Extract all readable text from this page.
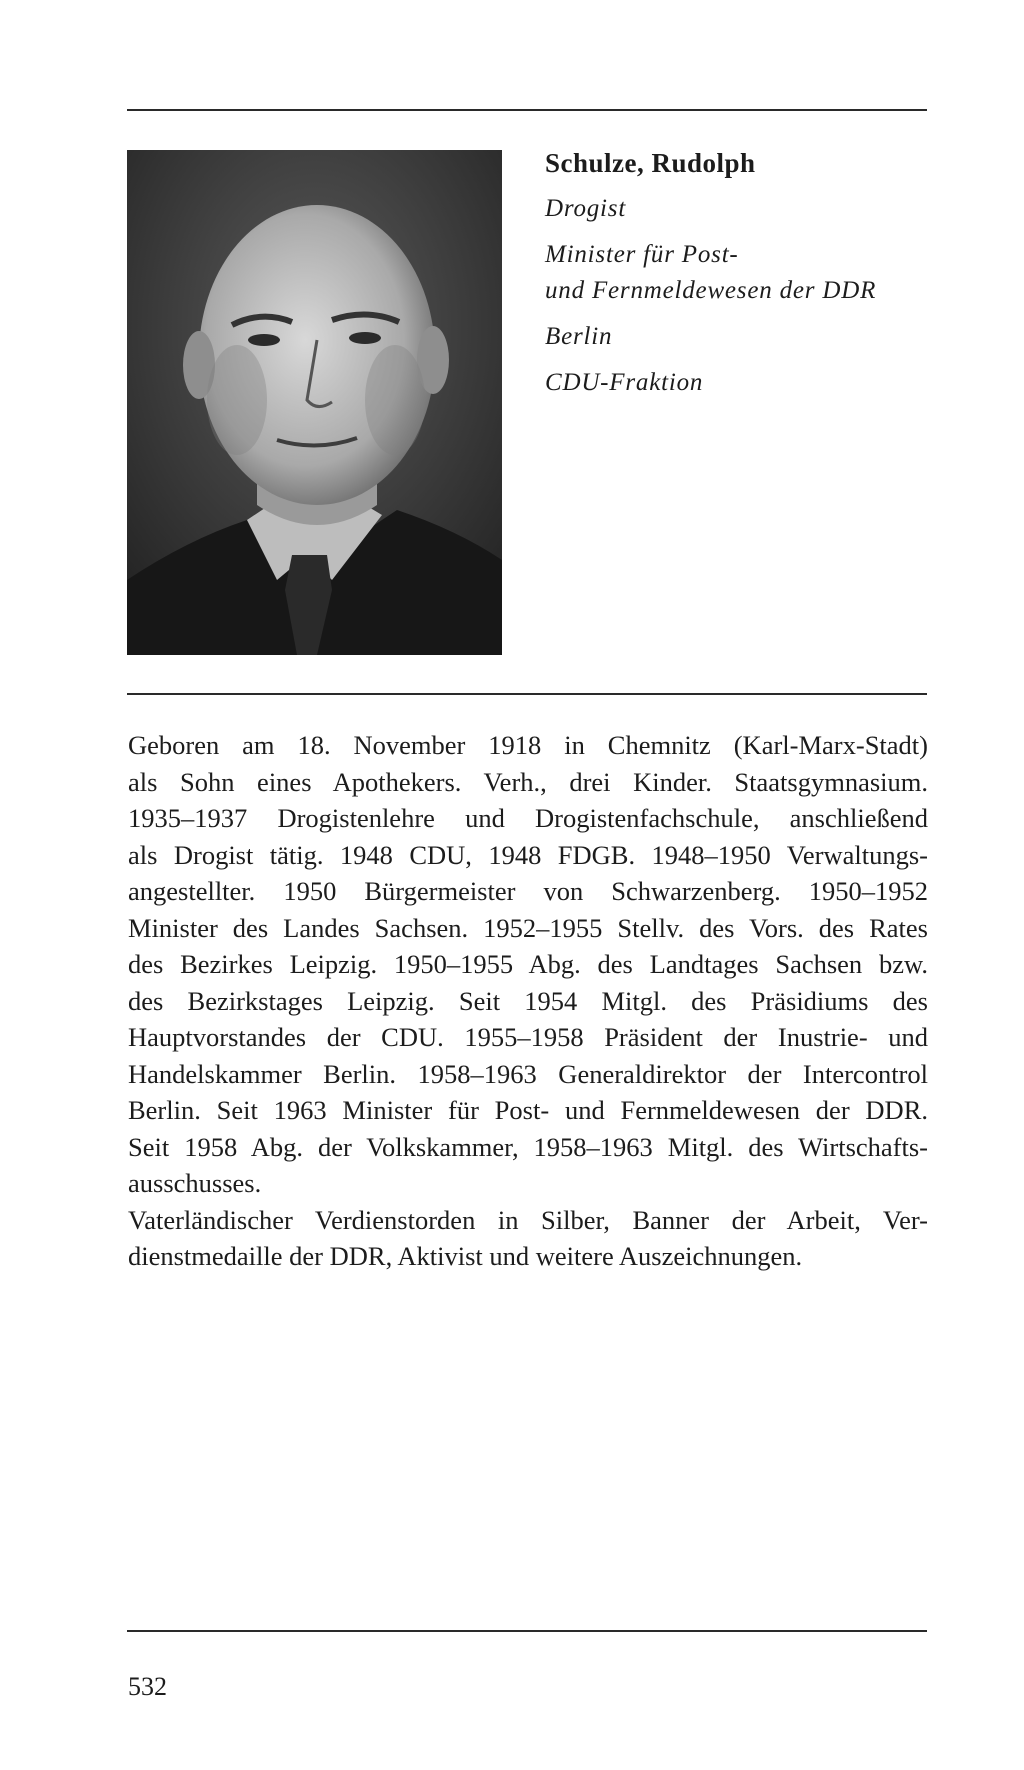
Schulze, Rudolph
Drogist
Minister für Post-
und Fernmeldewesen der DDR
Berlin
CDU-Fraktion
Geboren am 18. November 1918 in Chemnitz (Karl-Marx-Stadt)
als Sohn eines Apothekers. Verh., drei Kinder. Staatsgymnasium.
1935–1937 Drogistenlehre und Drogistenfachschule, anschließend
als Drogist tätig. 1948 CDU, 1948 FDGB. 1948–1950 Verwaltungs-
angestellter. 1950 Bürgermeister von Schwarzenberg. 1950–1952
Minister des Landes Sachsen. 1952–1955 Stellv. des Vors. des Rates
des Bezirkes Leipzig. 1950–1955 Abg. des Landtages Sachsen bzw.
des Bezirkstages Leipzig. Seit 1954 Mitgl. des Präsidiums des
Hauptvorstandes der CDU. 1955–1958 Präsident der Inustrie- und
Handelskammer Berlin. 1958–1963 Generaldirektor der Intercontrol
Berlin. Seit 1963 Minister für Post- und Fernmeldewesen der DDR.
Seit 1958 Abg. der Volkskammer, 1958–1963 Mitgl. des Wirtschafts-
ausschusses.
Vaterländischer Verdienstorden in Silber, Banner der Arbeit, Ver-
dienstmedaille der DDR, Aktivist und weitere Auszeichnungen.
532
